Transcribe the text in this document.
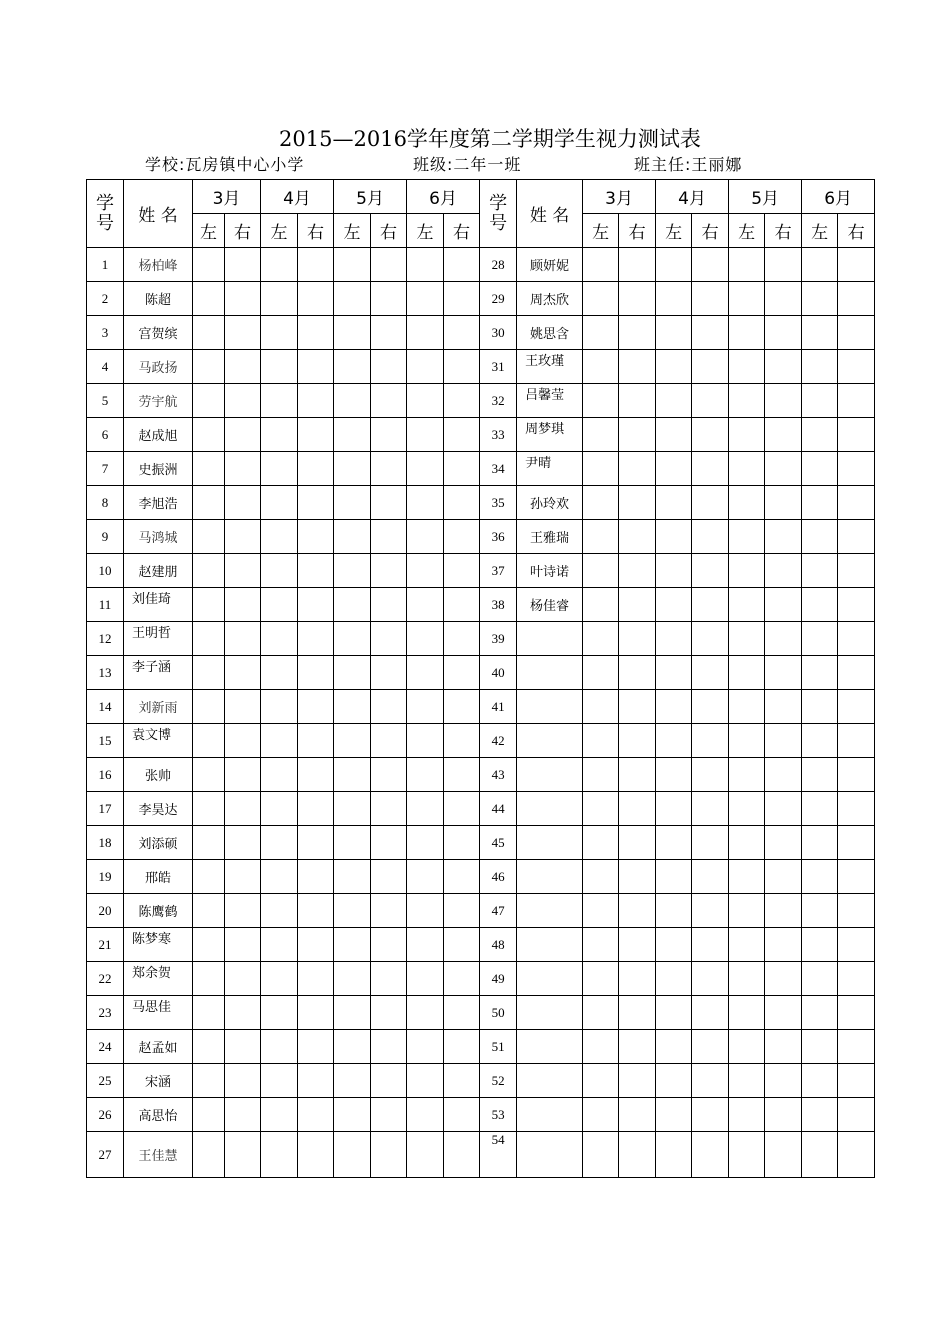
2015—2016学年度第二学期学生视力测试表
学校:瓦房镇中心小学	班级:二年一班	班主任:王丽娜
学号	姓 名	3月		4月		5月		6月		学号	姓 名	3月		4月		5月		6月	
		左	右	左	右	左	右	左	右			左	右	左	右	左	右	左	右
1	杨柏峰									28	顾妍妮								
2	陈超									29	周杰欣								
3	宫贺缤									30	姚思含								
4	马政扬									31	王玫瑾								
5	劳宇航									32	吕馨莹								
6	赵成旭									33	周梦琪								
7	史振洲									34	尹晴								
8	李旭浩									35	孙玲欢								
9	马鸿城									36	王雅瑞								
10	赵建朋									37	叶诗诺								
11	刘佳琦									38	杨佳睿								
12	王明哲									39									
13	李子涵									40									
14	刘新雨									41									
15	袁文博									42									
16	张帅									43									
17	李昊达									44									
18	刘添硕									45									
19	邢皓									46									
20	陈鹰鹤									47									
21	陈梦寒									48									
22	郑余贺									49									
23	马思佳									50									
24	赵孟如									51									
25	宋涵									52									
26	高思怡									53									
27	王佳慧									54									
